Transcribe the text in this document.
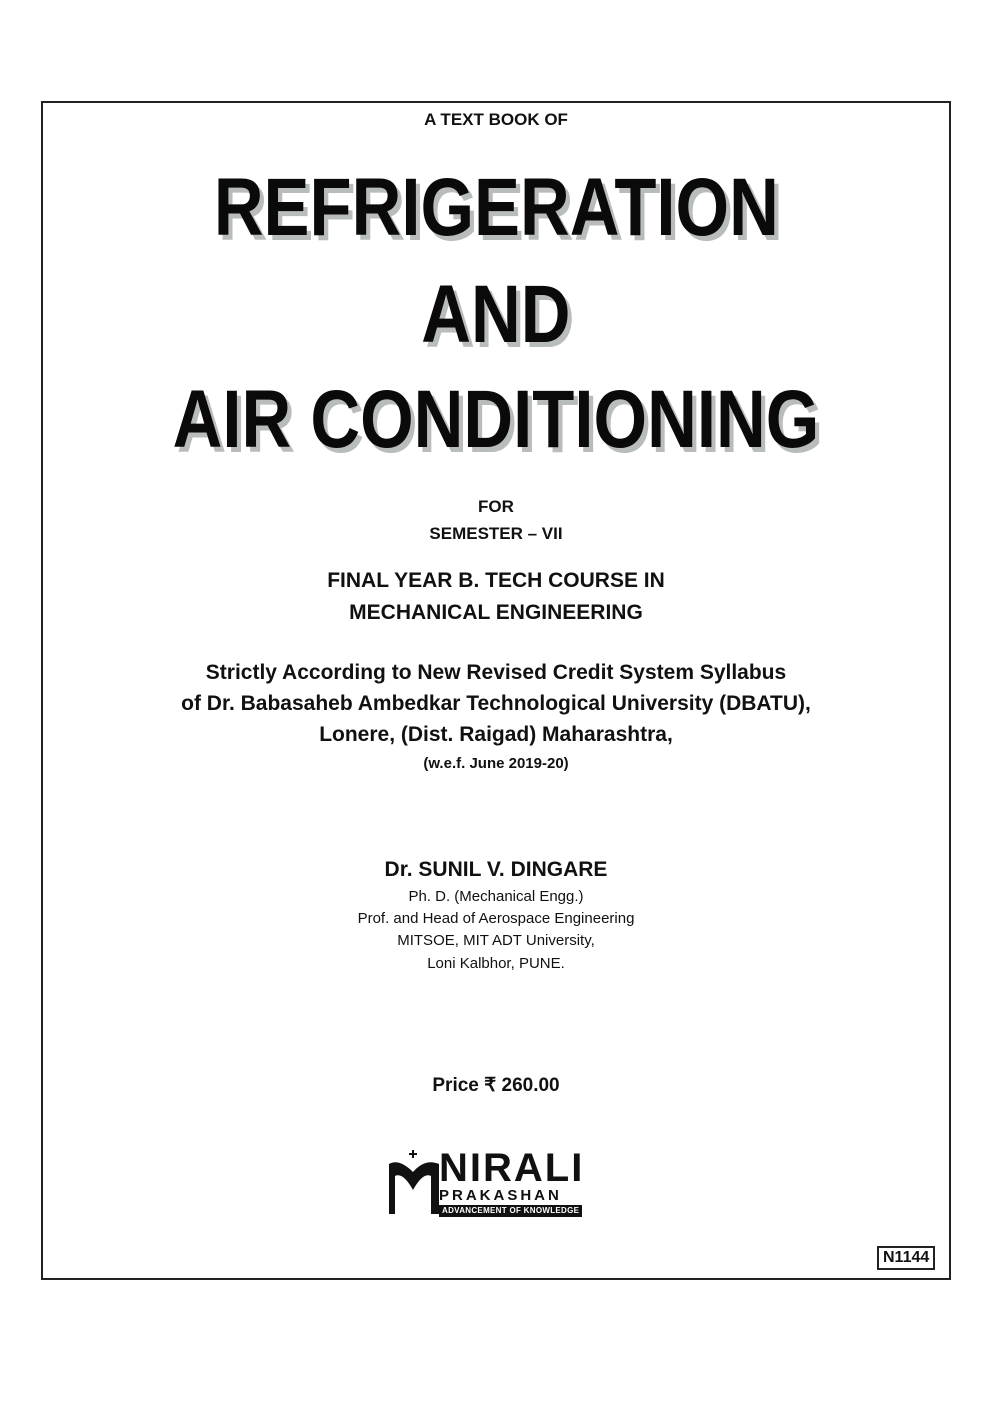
A TEXT BOOK OF
REFRIGERATION
AND
AIR CONDITIONING
FOR
SEMESTER – VII
FINAL YEAR B. TECH COURSE IN
MECHANICAL ENGINEERING
Strictly According to New Revised Credit System Syllabus
of Dr. Babasaheb Ambedkar Technological University (DBATU),
Lonere, (Dist. Raigad) Maharashtra,
(w.e.f. June 2019-20)
Dr. SUNIL V. DINGARE
Ph. D. (Mechanical Engg.)
Prof. and Head of Aerospace Engineering
MITSOE, MIT ADT University,
Loni Kalbhor, PUNE.
Price ₹ 260.00
NIRALI
PRAKASHAN
ADVANCEMENT OF KNOWLEDGE
N1144
